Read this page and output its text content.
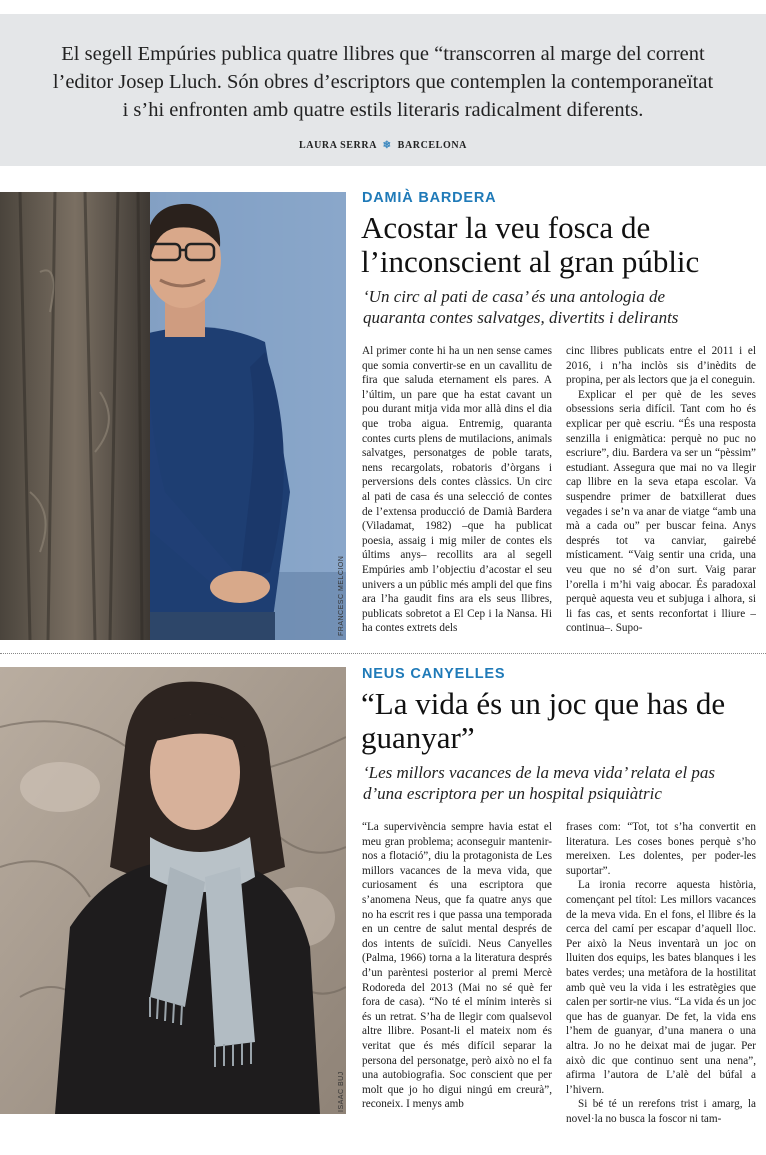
El segell Empúries publica quatre llibres que “transcorren al marge del corrent
l’editor Josep Lluch. Són obres d’escriptors que contemplen la contemporaneïtat
i s’hi enfronten amb quatre estils literaris radicalment diferents.
LAURA SERRA ❄ BARCELONA
FRANCESC MELCION
DAMIÀ BARDERA
Acostar la veu fosca de
l’inconscient al gran públic
‘Un circ al pati de casa’ és una antologia de
quaranta contes salvatges, divertits i delirants

Al primer conte hi ha un nen sense cames que somia convertir-se en un cavallitu de fira que saluda eternament els pares. A l’últim, un pare que ha estat cavant un pou durant mitja vida mor allà dins el dia que troba aigua. Entremig, quaranta contes curts plens de mutilacions, animals salvatges, personatges de poble tarats, nens recargolats, robatoris d’òrgans i perversions dels contes clàssics. Un circ al pati de casa és una selecció de contes de l’extensa producció de Damià Bardera (Viladamat, 1982) –que ha publicat poesia, assaig i mig miler de contes els últims anys– recollits ara al segell Empúries amb l’objectiu d’acostar el seu univers a un públic més ampli del que fins ara l’ha gaudit fins ara els seus llibres, publicats sobretot a El Cep i la Nansa. Hi ha contes extrets dels

cinc llibres publicats entre el 2011 i el 2016, i n’ha inclòs sis d’inèdits de propina, per als lectors que ja el coneguin.

Explicar el per què de les seves obsessions seria difícil. Tant com ho és explicar per què escriu. “És una resposta senzilla i enigmàtica: perquè no puc no escriure”, diu. Bardera va ser un “pèssim” estudiant. Assegura que mai no va llegir cap llibre en la seva etapa escolar. Va suspendre primer de batxillerat dues vegades i se’n va anar de viatge “amb una mà a cada ou” per buscar feina. Anys després tot va canviar, gairebé místicament. “Vaig sentir una crida, una veu que no sé d’on surt. Vaig parar l’orella i m’hi vaig abocar. És paradoxal perquè aquesta veu et subjuga i alhora, si li fas cas, et sents reconfortat i lliure –continua–. Supo-

ISAAC BUJ
NEUS CANYELLES
“La vida és un joc que has de
guanyar”
‘Les millors vacances de la meva vida’ relata el pas
d’una escriptora per un hospital psiquiàtric

“La supervivència sempre havia estat el meu gran problema; aconseguir mantenir-nos a flotació”, diu la protagonista de Les millors vacances de la meva vida, que curiosament és una escriptora que s’anomena Neus, que fa quatre anys que no ha escrit res i que passa una temporada en un centre de salut mental després de dos intents de suïcidi. Neus Canyelles (Palma, 1966) torna a la literatura després d’un parèntesi posterior al premi Mercè Rodoreda del 2013 (Mai no sé què fer fora de casa). “No té el mínim interès si és un retrat. S’ha de llegir com qualsevol altre llibre. Posant-li el mateix nom és veritat que és més difícil separar la persona del personatge, però això no el fa una autobiografia. Soc conscient que per molt que jo ho digui ningú em creurà”, reconeix. I menys amb

frases com: “Tot, tot s’ha convertit en literatura. Les coses bones perquè s’ho mereixen. Les dolentes, per poder-les suportar”.

La ironia recorre aquesta història, començant pel títol: Les millors vacances de la meva vida. En el fons, el llibre és la cerca del camí per escapar d’aquell lloc. Per això la Neus inventarà un joc on lluiten dos equips, les bates blanques i les bates verdes; una metàfora de la hostilitat amb què veu la vida i les estratègies que calen per sortir-ne vius. “La vida és un joc que has de guanyar. De fet, la vida ens l’hem de guanyar, d’una manera o una altra. Jo no he deixat mai de jugar. Per això dic que continuo sent una nena”, afirma l’autora de L’alè del búfal a l’hivern.

Si bé té un rerefons trist i amarg, la novel·la no busca la foscor ni tam-
